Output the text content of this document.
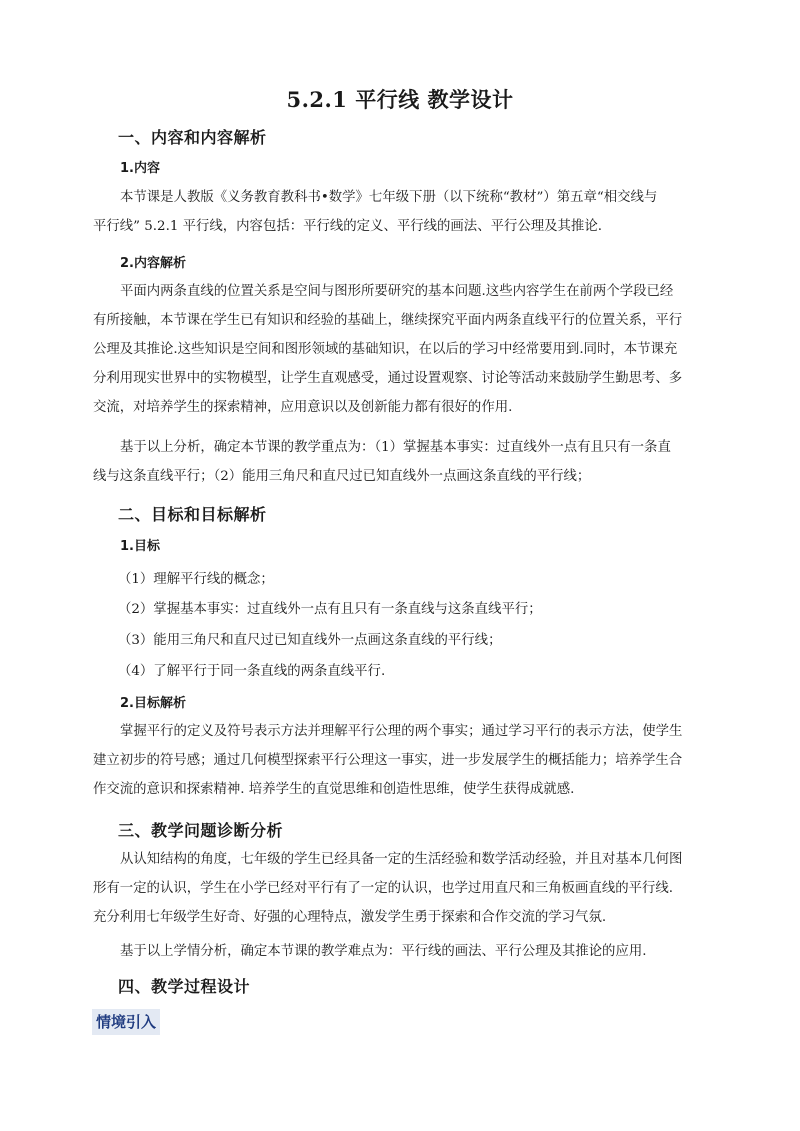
5.2.1 平行线 教学设计
一、内容和内容解析
1.内容
本节课是人教版《义务教育教科书•数学》七年级下册（以下统称“教材”）第五章“相交线与
平行线” 5.2.1 平行线，内容包括：平行线的定义、平行线的画法、平行公理及其推论.
2.内容解析
平面内两条直线的位置关系是空间与图形所要研究的基本问题.这些内容学生在前两个学段已经
有所接触，本节课在学生已有知识和经验的基础上，继续探究平面内两条直线平行的位置关系，平行
公理及其推论.这些知识是空间和图形领域的基础知识，在以后的学习中经常要用到.同时，本节课充
分利用现实世界中的实物模型，让学生直观感受，通过设置观察、讨论等活动来鼓励学生勤思考、多
交流，对培养学生的探索精神，应用意识以及创新能力都有很好的作用.
基于以上分析，确定本节课的教学重点为：（1）掌握基本事实：过直线外一点有且只有一条直
线与这条直线平行；（2）能用三角尺和直尺过已知直线外一点画这条直线的平行线；
二、目标和目标解析
1.目标
（1）理解平行线的概念；
（2）掌握基本事实：过直线外一点有且只有一条直线与这条直线平行；
（3）能用三角尺和直尺过已知直线外一点画这条直线的平行线；
（4）了解平行于同一条直线的两条直线平行.
2.目标解析
掌握平行的定义及符号表示方法并理解平行公理的两个事实；通过学习平行的表示方法，使学生
建立初步的符号感；通过几何模型探索平行公理这一事实，进一步发展学生的概括能力；培养学生合
作交流的意识和探索精神. 培养学生的直觉思维和创造性思维，使学生获得成就感.
三、教学问题诊断分析
从认知结构的角度，七年级的学生已经具备一定的生活经验和数学活动经验，并且对基本几何图
形有一定的认识，学生在小学已经对平行有了一定的认识，也学过用直尺和三角板画直线的平行线.
充分利用七年级学生好奇、好强的心理特点，激发学生勇于探索和合作交流的学习气氛.
基于以上学情分析，确定本节课的教学难点为：平行线的画法、平行公理及其推论的应用.
四、教学过程设计
情境引入
